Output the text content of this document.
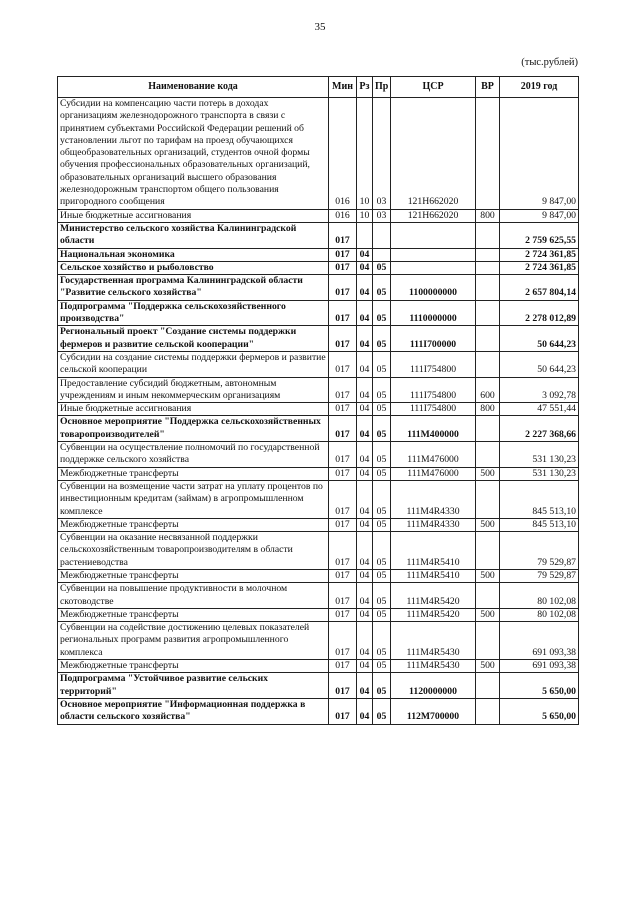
35
(тыс.рублей)
Наименование кода	Мин	Рз	Пр	ЦСР	ВР	2019 год
Субсидии на компенсацию части потерь в доходах организациям железнодорожного транспорта в связи с принятием субъектами Российской Федерации решений об установлении льгот по тарифам на проезд обучающихся общеобразовательных организаций, студентов очной формы обучения профессиональных образовательных организаций, образовательных организаций высшего образования железнодорожным транспортом общего пользования пригородного сообщения	016	10	03	121Н662020		9 847,00
Иные бюджетные ассигнования	016	10	03	121Н662020	800	9 847,00
Министерство сельского хозяйства Калининградской области	017					2 759 625,55
Национальная экономика	017	04				2 724 361,85
Сельское хозяйство и рыболовство	017	04	05			2 724 361,85
Государственная программа Калининградской области "Развитие сельского хозяйства"	017	04	05	1100000000		2 657 804,14
Подпрограмма "Поддержка сельскохозяйственного производства"	017	04	05	1110000000		2 278 012,89
Региональный проект "Создание системы поддержки фермеров и развитие сельской кооперации"	017	04	05	111I700000		50 644,23
Субсидии на создание системы поддержки фермеров и развитие сельской кооперации	017	04	05	111I754800		50 644,23
Предоставление субсидий бюджетным, автономным учреждениям и иным некоммерческим организациям	017	04	05	111I754800	600	3 092,78
Иные бюджетные ассигнования	017	04	05	111I754800	800	47 551,44
Основное мероприятие "Поддержка сельскохозяйственных товаропроизводителей"	017	04	05	111M400000		2 227 368,66
Субвенции на осуществление полномочий по государственной поддержке сельского хозяйства	017	04	05	111M476000		531 130,23
Межбюджетные трансферты	017	04	05	111M476000	500	531 130,23
Субвенции на возмещение части затрат на уплату процентов по инвестиционным кредитам (займам) в агропромышленном комплексе	017	04	05	111M4R4330		845 513,10
Межбюджетные трансферты	017	04	05	111M4R4330	500	845 513,10
Субвенции на оказание несвязанной поддержки сельскохозяйственным товаропроизводителям в области растениеводства	017	04	05	111M4R5410		79 529,87
Межбюджетные трансферты	017	04	05	111M4R5410	500	79 529,87
Субвенции на повышение продуктивности в молочном скотоводстве	017	04	05	111M4R5420		80 102,08
Межбюджетные трансферты	017	04	05	111M4R5420	500	80 102,08
Субвенции на содействие достижению целевых показателей региональных программ развития агропромышленного комплекса	017	04	05	111M4R5430		691 093,38
Межбюджетные трансферты	017	04	05	111M4R5430	500	691 093,38
Подпрограмма "Устойчивое развитие сельских территорий"	017	04	05	1120000000		5 650,00
Основное мероприятие "Информационная поддержка в области сельского хозяйства"	017	04	05	112M700000		5 650,00
